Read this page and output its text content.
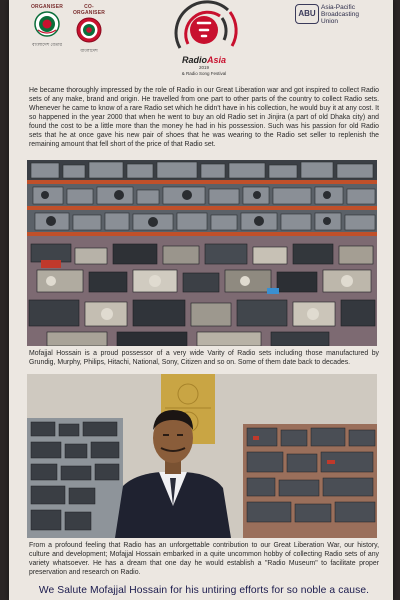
ORGANISER
বাংলাদেশ বেতার
CO-ORGANISER
বাংলাদেশ
RadioAsia
2019
& Radio Song Festival
ABU
Asia-Pacific
Broadcasting
Union
He became thoroughly impressed by the role of Radio in our Great Liberation war and got inspired to collect Radio sets of any make, brand and origin. He travelled from one part to other parts of the country to collect Radio sets. Whenever he came to know of a rare Radio set which he didn't have in his collection, he would buy it at any cost. It so happened in the year 2000 that when he went to buy an old Radio set in Jinjira (a part of old Dhaka city) and found the cost to be a little more than the money he had in his possession. Such was his passion for old Radio sets that he at once gave his new pair of shoes that he was wearing to the Radio set seller to replenish the remaining amount that fell short of the price of that Radio set.
Mofajjal Hossain is a proud possessor of a very wide Varity of Radio sets including those manufactured by Grundig, Murphy, Philips, Hitachi, National, Sony, Citizen and so on. Some of them date back to decades.
From a profound feeling that Radio has an unforgettable contribution to our Great Liberation War, our history, culture and development; Mofajjal Hossain embarked in a quite uncommon hobby of collecting Radio sets of any variety whatsoever. He has a dream that one day he would establish a "Radio Museum" to facilitate proper preservation and research on Radio.
We Salute Mofajjal Hossain for his untiring efforts for so noble a cause.
